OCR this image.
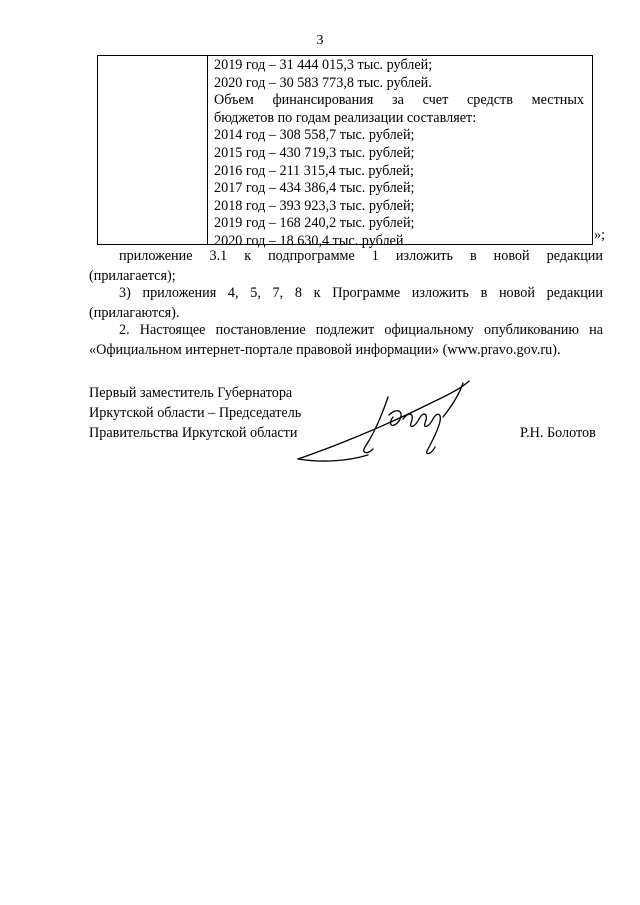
3
2019 год – 31 444 015,3 тыс. рублей;
2020 год – 30 583 773,8 тыс. рублей.
Объем финансирования за счет средств местных
бюджетов по годам реализации составляет:
2014 год – 308 558,7 тыс. рублей;
2015 год – 430 719,3 тыс. рублей;
2016 год – 211 315,4 тыс. рублей;
2017 год – 434 386,4 тыс. рублей;
2018 год – 393 923,3 тыс. рублей;
2019 год – 168 240,2 тыс. рублей;
2020 год – 18 630,4 тыс. рублей	»;
приложение 3.1 к подпрограмме 1 изложить в новой редакции
(прилагается);
3) приложения 4, 5, 7, 8 к Программе изложить в новой редакции
(прилагаются).
2. Настоящее постановление подлежит официальному опубликованию на
«Официальном интернет-портале правовой информации» (www.pravo.gov.ru).
Первый заместитель Губернатора
Иркутской области – Председатель
Правительства Иркутской области	Р.Н. Болотов
